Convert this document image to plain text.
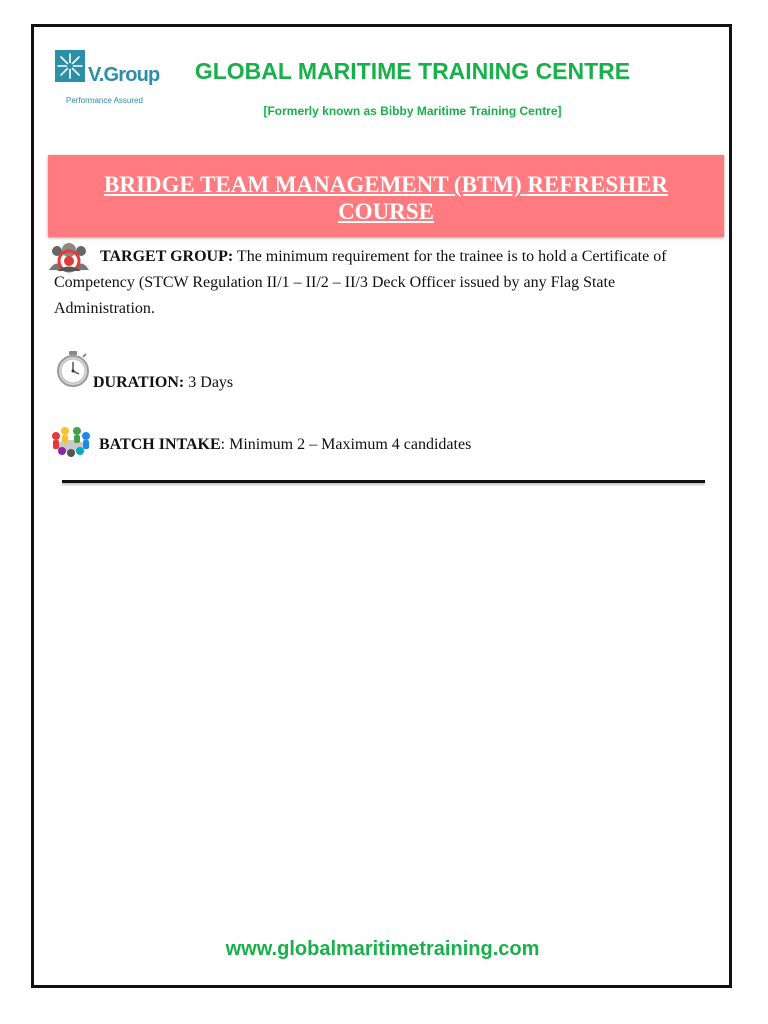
V.Group
Performance Assured
GLOBAL MARITIME TRAINING CENTRE
[Formerly known as Bibby Maritime Training Centre]
BRIDGE TEAM MANAGEMENT (BTM) REFRESHER COURSE

TARGET GROUP: The minimum requirement for the trainee is to hold a Certificate of Competency (STCW Regulation II/1 – II/2 – II/3 Deck Officer issued by any Flag State Administration.

DURATION: 3 Days
BATCH INTAKE: Minimum 2 – Maximum 4 candidates
www.globalmaritimetraining.com
